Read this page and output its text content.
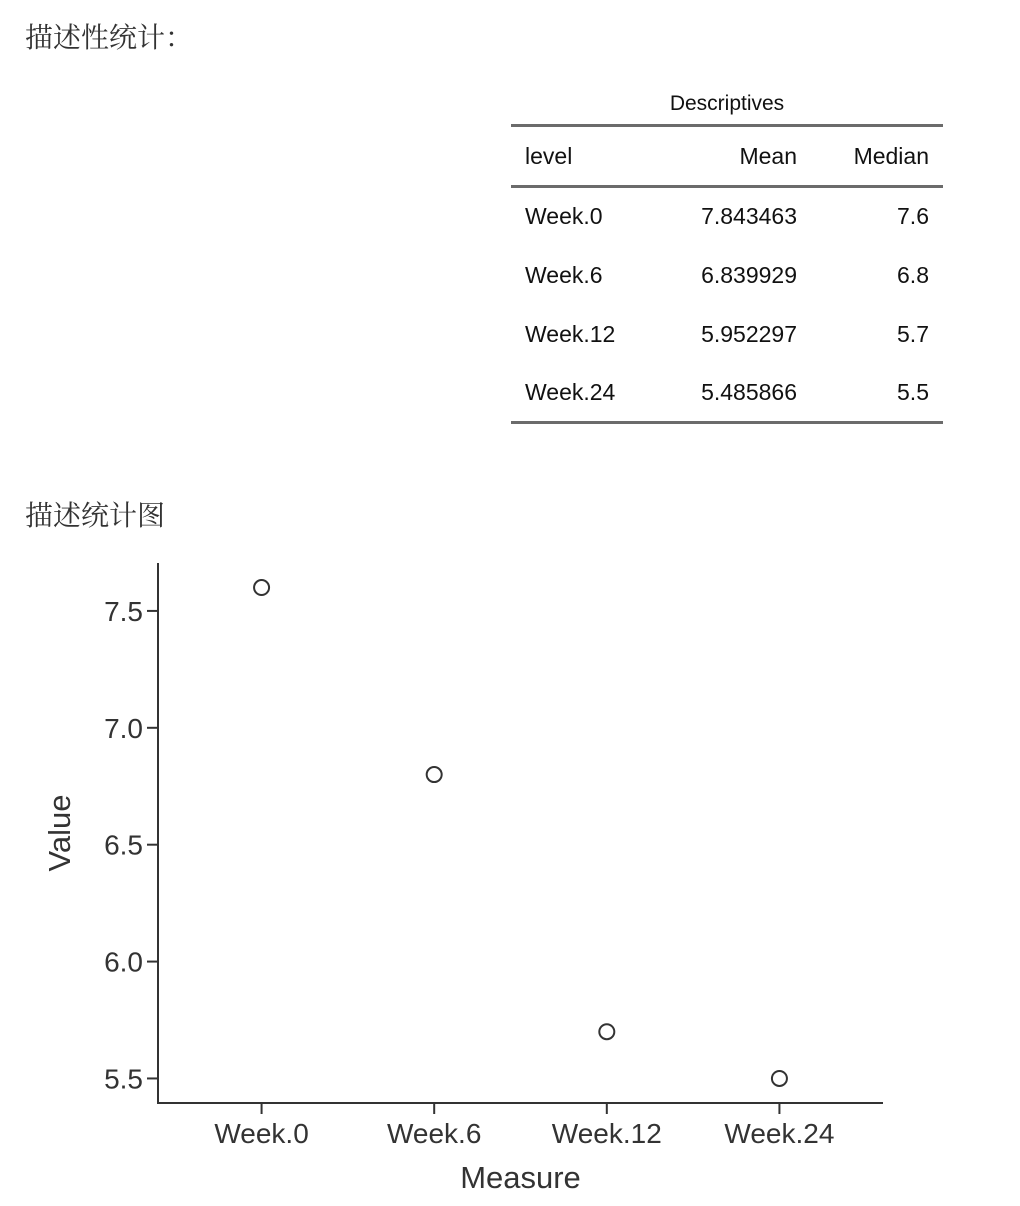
描述性统计：
Descriptives
level	Mean	Median
Week.0	7.843463	7.6
Week.6	6.839929	6.8
Week.12	5.952297	5.7
Week.24	5.485866	5.5
描述统计图
7.5
7.0
6.5
6.0
5.5
Week.0	Week.6	Week.12 Week.24
Measure
Value
